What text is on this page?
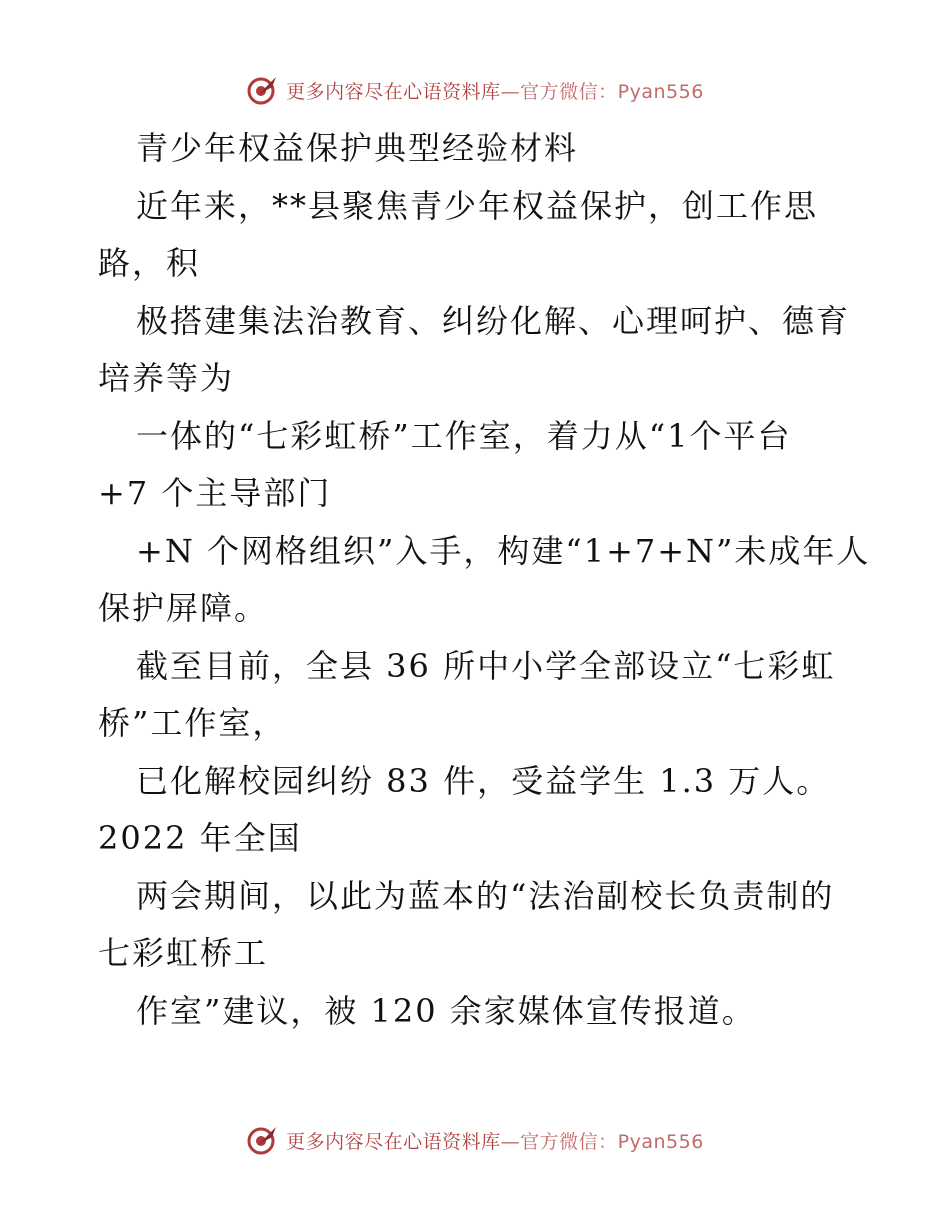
更多内容尽在心语资料库—官方微信：Pyan556
青少年权益保护典型经验材料
近年来，**县聚焦青少年权益保护，创工作思
路，积
极搭建集法治教育、纠纷化解、心理呵护、德育
培养等为
一体的“七彩虹桥”工作室，着力从“1个平台
+7 个主导部门
+N 个网格组织”入手，构建“1+7+N”未成年人
保护屏障。
截至目前，全县 36 所中小学全部设立“七彩虹
桥”工作室，
已化解校园纠纷 83 件，受益学生 1.3 万人。
2022 年全国
两会期间，以此为蓝本的“法治副校长负责制的
七彩虹桥工
作室”建议，被 120 余家媒体宣传报道。
更多内容尽在心语资料库—官方微信：Pyan556
